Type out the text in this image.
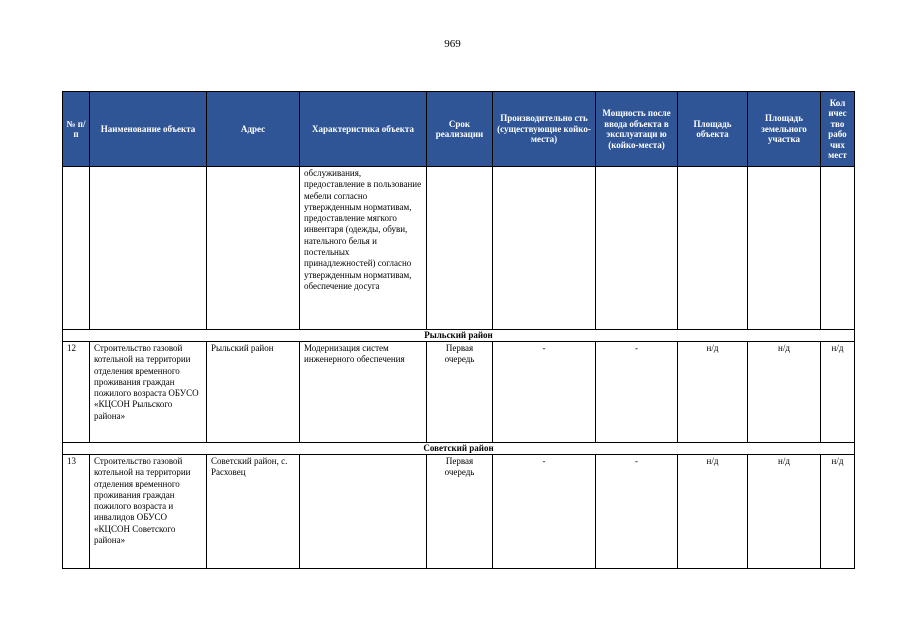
969
№ п/п	Наименование объекта	Адрес	Характеристика объекта	Срок реализации	Производительно сть (существующие койко-места)	Мощность после ввода объекта в эксплуатаци ю (койко-места)	Площадь объекта	Площадь земельного участка	Кол ичес тво рабо чих мест
			обслуживания, предоставление в пользование мебели согласно утвержденным нормативам, предоставление мягкого инвентаря (одежды, обуви, нательного белья и постельных принадлежностей) согласно утвержденным нормативам, обеспечение досуга						
Рыльский район									
12	Строительство газовой котельной на территории отделения временного проживания граждан пожилого возраста ОБУСО «КЦСОН Рыльского района»	Рыльский район	Модернизация систем инженерного обеспечения	Первая очередь	-	-	н/д	н/д	н/д
Советский район									
13	Строительство газовой котельной на территории отделения временного проживания граждан пожилого возраста и инвалидов ОБУСО «КЦСОН Советского района»	Советский район, с. Расховец		Первая очередь	-	-	н/д	н/д	н/д
